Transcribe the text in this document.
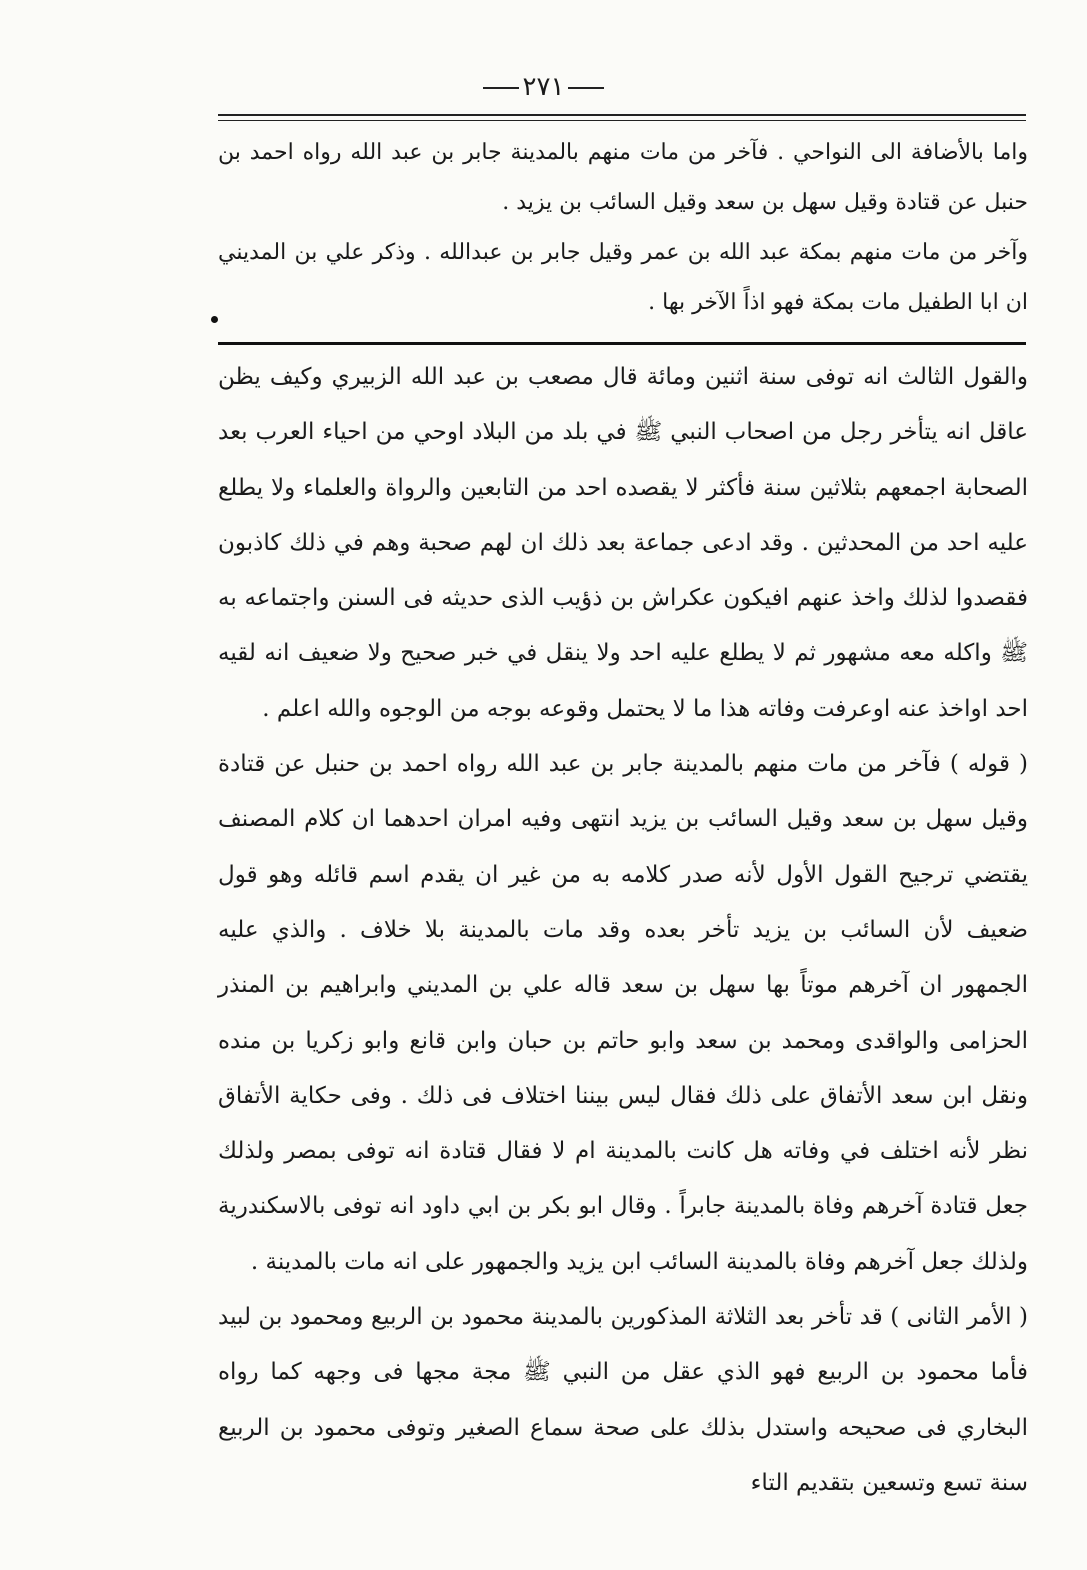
٢٧١

واما بالأضافة الى النواحي . فآخر من مات منهم بالمدينة جابر بن عبد الله رواه احمد بن حنبل عن قتادة وقيل سهل بن سعد وقيل السائب بن يزيد .

وآخر من مات منهم بمكة عبد الله بن عمر وقيل جابر بن عبدالله . وذكر علي بن المديني ان ابا الطفيل مات بمكة فهو اذاً الآخر بها .

والقول الثالث انه توفى سنة اثنين ومائة قال مصعب بن عبد الله الزبيري وكيف يظن عاقل انه يتأخر رجل من اصحاب النبي ﷺ في بلد من البلاد اوحي من احياء العرب بعد الصحابة اجمعهم بثلاثين سنة فأكثر لا يقصده احد من التابعين والرواة والعلماء ولا يطلع عليه احد من المحدثين . وقد ادعى جماعة بعد ذلك ان لهم صحبة وهم في ذلك كاذبون فقصدوا لذلك واخذ عنهم افيكون عكراش بن ذؤيب الذى حديثه فى السنن واجتماعه به ﷺ واكله معه مشهور ثم لا يطلع عليه احد ولا ينقل في خبر صحيح ولا ضعيف انه لقيه احد اواخذ عنه اوعرفت وفاته هذا ما لا يحتمل وقوعه بوجه من الوجوه والله اعلم .

( قوله ) فآخر من مات منهم بالمدينة جابر بن عبد الله رواه احمد بن حنبل عن قتادة وقيل سهل بن سعد وقيل السائب بن يزيد انتهى وفيه امران احدهما ان كلام المصنف يقتضي ترجيح القول الأول لأنه صدر كلامه به من غير ان يقدم اسم قائله وهو قول ضعيف لأن السائب بن يزيد تأخر بعده وقد مات بالمدينة بلا خلاف . والذي عليه الجمهور ان آخرهم موتاً بها سهل بن سعد قاله علي بن المديني وابراهيم بن المنذر الحزامى والواقدى ومحمد بن سعد وابو حاتم بن حبان وابن قانع وابو زكريا بن منده ونقل ابن سعد الأتفاق على ذلك فقال ليس بيننا اختلاف فى ذلك . وفى حكاية الأتفاق نظر لأنه اختلف في وفاته هل كانت بالمدينة ام لا فقال قتادة انه توفى بمصر ولذلك جعل قتادة آخرهم وفاة بالمدينة جابراً . وقال ابو بكر بن ابي داود انه توفى بالاسكندرية ولذلك جعل آخرهم وفاة بالمدينة السائب ابن يزيد والجمهور على انه مات بالمدينة .

( الأمر الثانى ) قد تأخر بعد الثلاثة المذكورين بالمدينة محمود بن الربيع ومحمود بن لبيد فأما محمود بن الربيع فهو الذي عقل من النبي ﷺ مجة مجها فى وجهه كما رواه البخاري فى صحيحه واستدل بذلك على صحة سماع الصغير وتوفى محمود بن الربيع سنة تسع وتسعين بتقديم التاء
